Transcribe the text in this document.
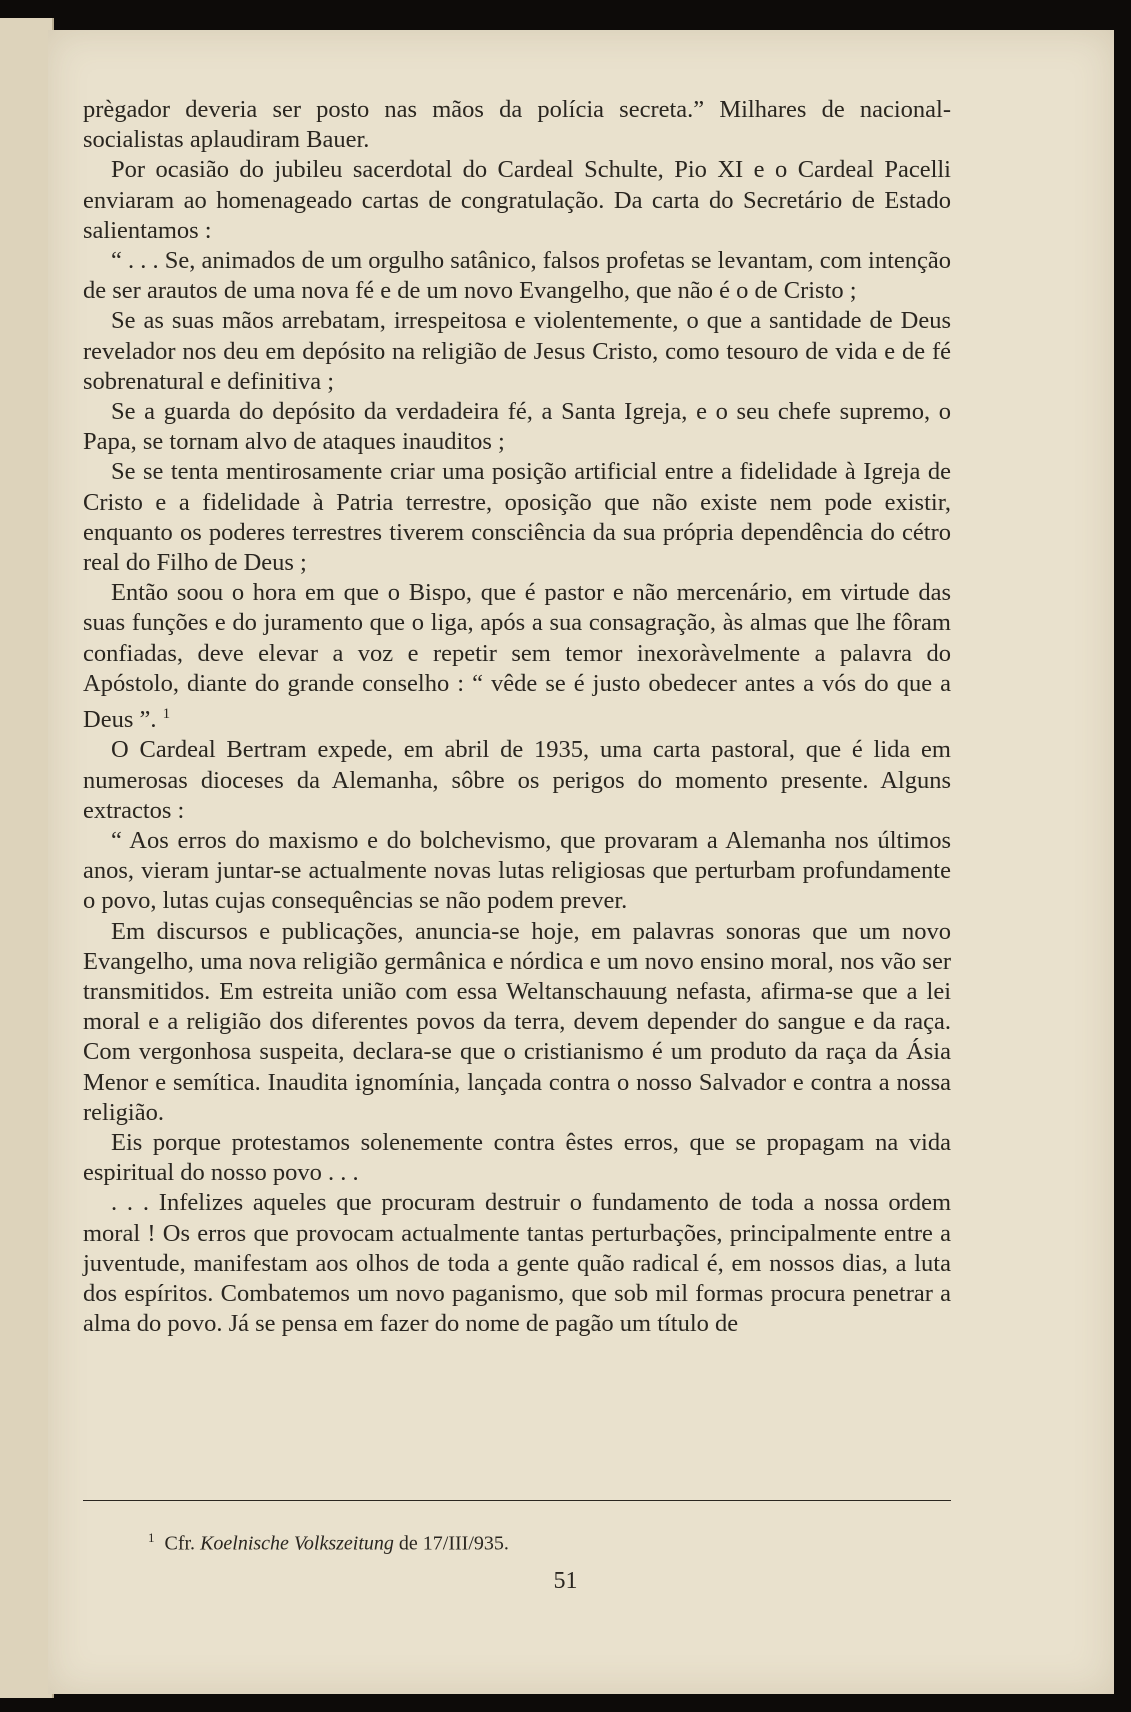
prègador deveria ser posto nas mãos da polícia secreta.” Milhares de nacional-socialistas aplaudiram Bauer.

Por ocasião do jubileu sacerdotal do Cardeal Schulte, Pio XI e o Cardeal Pacelli enviaram ao homenageado cartas de congratulação. Da carta do Secretário de Estado salientamos :

“ . . . Se, animados de um orgulho satânico, falsos profetas se levantam, com intenção de ser arautos de uma nova fé e de um novo Evangelho, que não é o de Cristo ;

Se as suas mãos arrebatam, irrespeitosa e violentemente, o que a santidade de Deus revelador nos deu em depósito na religião de Jesus Cristo, como tesouro de vida e de fé sobrenatural e definitiva ;

Se a guarda do depósito da verdadeira fé, a Santa Igreja, e o seu chefe supremo, o Papa, se tornam alvo de ataques inauditos ;

Se se tenta mentirosamente criar uma posição artificial entre a fidelidade à Igreja de Cristo e a fidelidade à Patria terrestre, oposição que não existe nem pode existir, enquanto os poderes terrestres tiverem consciência da sua própria dependência do cétro real do Filho de Deus ;

Então soou o hora em que o Bispo, que é pastor e não mercenário, em virtude das suas funções e do juramento que o liga, após a sua consagração, às almas que lhe fôram confiadas, deve elevar a voz e repetir sem temor inexoràvelmente a palavra do Apóstolo, diante do grande conselho : “ vêde se é justo obedecer antes a vós do que a Deus ”. $^1$

O Cardeal Bertram expede, em abril de 1935, uma carta pastoral, que é lida em numerosas dioceses da Alemanha, sôbre os perigos do momento presente. Alguns extractos :

“ Aos erros do maxismo e do bolchevismo, que provaram a Alemanha nos últimos anos, vieram juntar-se actualmente novas lutas religiosas que perturbam profundamente o povo, lutas cujas consequências se não podem prever.

Em discursos e publicações, anuncia-se hoje, em palavras sonoras que um novo Evangelho, uma nova religião germânica e nórdica e um novo ensino moral, nos vão ser transmitidos. Em estreita união com essa Weltanschauung nefasta, afirma-se que a lei moral e a religião dos diferentes povos da terra, devem depender do sangue e da raça. Com vergonhosa suspeita, declara-se que o cristianismo é um produto da raça da Ásia Menor e semítica. Inaudita ignomínia, lançada contra o nosso Salvador e contra a nossa religião.

Eis porque protestamos solenemente contra êstes erros, que se propagam na vida espiritual do nosso povo . . .

. . . Infelizes aqueles que procuram destruir o fundamento de toda a nossa ordem moral ! Os erros que provocam actualmente tantas perturbações, principalmente entre a juventude, manifestam aos olhos de toda a gente quão radical é, em nossos dias, a luta dos espíritos. Combatemos um novo paganismo, que sob mil formas procura penetrar a alma do povo. Já se pensa em fazer do nome de pagão um título de

$^1$ Cfr. Koelnische Volkszeitung de 17/III/935.
51
